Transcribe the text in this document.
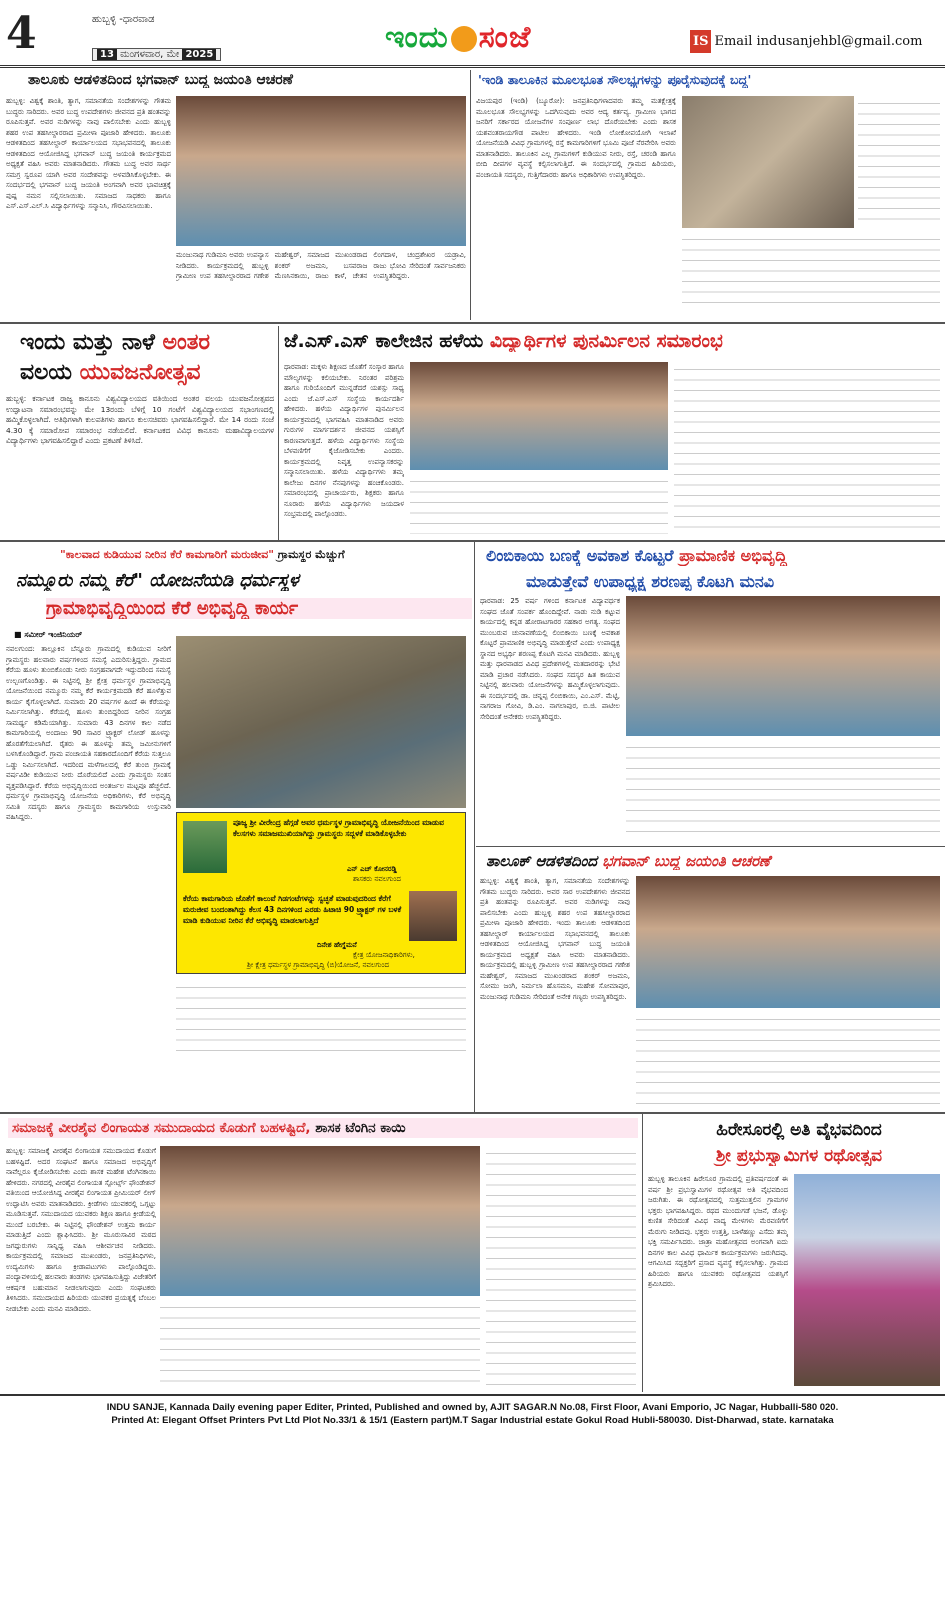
4	ಹುಬ್ಬಳ್ಳಿ -ಧಾರವಾಡ
13 ಮಂಗಳವಾರ, ಮೇ 2025	ಇಂದು ಸಂಜೆ	IS Email indusanjehbl@gmail.com
ತಾಲೂಕು ಆಡಳಿತದಿಂದ ಭಗವಾನ್ ಬುದ್ಧ ಜಯಂತಿ ಆಚರಣೆ
ಹುಬ್ಬಳ್ಳಿ: ವಿಶ್ವಕ್ಕೆ ಶಾಂತಿ, ತ್ಯಾಗ, ಸಮಾನತೆಯ ಸಂದೇಶಗಳನ್ನು ಗೌತಮ ಬುದ್ಧರು ಸಾರಿದರು. ಅವರ ಬುದ್ಧ ಉಪದೇಶಗಳು ಜೀವನದ ಪ್ರತಿ ಹಂತವನ್ನು ರೂಪಿಸುತ್ತವೆ. ಅವರ ನುಡಿಗಳನ್ನು ನಾವು ಪಾಲಿಸಬೇಕು ಎಂದು ಹುಬ್ಬಳ್ಳಿ ಶಹರ ಉಪ ತಹಸೀಲ್ದಾರರಾದ ಪ್ರಮೀಳಾ ಪೂಜಾರಿ ಹೇಳಿದರು. ತಾಲೂಕು ಆಡಳಿತದಿಂದ ತಹಸೀಲ್ದಾರ್ ಕಾರ್ಯಾಲಯದ ಸಭಾಭವನದಲ್ಲಿ ತಾಲೂಕು ಆಡಳಿತದಿಂದ ಆಯೋಜಿಸಿದ್ದ ಭಗವಾನ್ ಬುದ್ಧ ಜಯಂತಿ ಕಾರ್ಯಕ್ರಮದ ಅಧ್ಯಕ್ಷತೆ ವಹಿಸಿ ಅವರು ಮಾತನಾಡಿದರು. ಗೌತಮ ಬುದ್ಧ ಅವರ ಸಾರ್ಥ ಸಮಗ್ರ ಸ್ವರೂಪ ಯಾಗಿ ಅವರ ಸಂದೇಶವನ್ನು ಅಳವಡಿಸಿಕೊಳ್ಳಬೇಕು. ಈ ಸಂದರ್ಭದಲ್ಲಿ ಭಗವಾನ್ ಬುದ್ಧ ಜಯಂತಿ ಅಂಗವಾಗಿ ಅವರ ಭಾವಚಿತ್ರಕ್ಕೆ ಪುಷ್ಪ ನಮನ ಸಲ್ಲಿಸಲಾಯಿತು. ಸಮಾಜದ ಸಾಧಕರು ಹಾಗೂ ಎಸ್.ಎಸ್.ಎಲ್.ಸಿ ವಿದ್ಯಾರ್ಥಿಗಳನ್ನು ಸನ್ಮಾನಿಸಿ, ಗೌರವಿಸಲಾಯಿತು.
ಮಂಜುನಾಥ ಗುಡಿಮನಿ ಅವರು ಉಪನ್ಯಾಸ ನೀಡಿದರು. ಕಾರ್ಯಕ್ರಮದಲ್ಲಿ ಹುಬ್ಬಳ್ಳಿ ಗ್ರಾಮೀಣ ಉಪ ತಹಸೀಲ್ದಾರರಾದ ಗಣೇಶ ಮಹೇಶ್ವರ್, ಸಮಾಜದ ಮುಖಂಡರಾದ ಶಂಕರ್ ಅಜಮನಿ, ಬಸವರಾಜ ಮೆಣಸಿನಕಾಯಿ, ರಾಜು ಕಾಳೆ, ಚೇತನ ಲಿಂಗದಾಳ, ಚಂದ್ರಶೇಖರ ಯಡ್ರಾವಿ, ರಾಜು ಭೋವಿ ಸೇರಿದಂತೆ ಸಾರ್ವಜನಿಕರು ಉಪಸ್ಥಿತರಿದ್ದರು.
'ಇಂಡಿ ತಾಲೂಕಿನ ಮೂಲಭೂತ ಸೌಲಭ್ಯಗಳನ್ನು ಪೂರೈಸುವುದಕ್ಕೆ ಬದ್ಧ'
ವಿಜಯಪುರ (ಇಂಡಿ) (ಬ್ಯೂರೋ): ಜನಪ್ರತಿನಿಧಿಗಳಾದವರು ತಮ್ಮ ಮತಕ್ಷೇತ್ರಕ್ಕೆ ಮೂಲಭೂತ ಸೌಲಭ್ಯಗಳನ್ನು ಒದಗಿಸುವುದು ಅವರ ಆದ್ಯ ಕರ್ತವ್ಯ. ಗ್ರಾಮೀಣ ಭಾಗದ ಜನರಿಗೆ ಸರ್ಕಾರದ ಯೋಜನೆಗಳ ಸಂಪೂರ್ಣ ಲಾಭ ದೊರೆಯಬೇಕು ಎಂದು ಶಾಸಕ ಯಶವಂತರಾಯಗೌಡ ಪಾಟೀಲ ಹೇಳಿದರು. ಇಂಡಿ ಲೋಕೋಪಯೋಗಿ ಇಲಾಖೆ ಯೋಜನೆಯಡಿ ವಿವಿಧ ಗ್ರಾಮಗಳಲ್ಲಿ ರಸ್ತೆ ಕಾಮಗಾರಿಗಳಿಗೆ ಭೂಮಿ ಪೂಜೆ ನೆರವೇರಿಸಿ ಅವರು ಮಾತನಾಡಿದರು. ತಾಲೂಕಿನ ಎಲ್ಲ ಗ್ರಾಮಗಳಿಗೆ ಕುಡಿಯುವ ನೀರು, ರಸ್ತೆ, ಚರಂಡಿ ಹಾಗೂ ಬೀದಿ ದೀಪಗಳ ವ್ಯವಸ್ಥೆ ಕಲ್ಪಿಸಲಾಗುತ್ತಿದೆ. ಈ ಸಂದರ್ಭದಲ್ಲಿ ಗ್ರಾಮದ ಹಿರಿಯರು, ಪಂಚಾಯತಿ ಸದಸ್ಯರು, ಗುತ್ತಿಗೆದಾರರು ಹಾಗೂ ಅಧಿಕಾರಿಗಳು ಉಪಸ್ಥಿತರಿದ್ದರು.
ಇಂದು ಮತ್ತು ನಾಳೆ ಅಂತರ
ವಲಯ ಯುವಜನೋತ್ಸವ
ಹುಬ್ಬಳ್ಳಿ: ಕರ್ನಾಟಕ ರಾಜ್ಯ ಕಾನೂನು ವಿಶ್ವವಿದ್ಯಾಲಯದ ವತಿಯಿಂದ ಅಂತರ ವಲಯ ಯುವಜನೋತ್ಸವದ ಉದ್ಘಾಟನಾ ಸಮಾರಂಭವನ್ನು ಮೇ 13ರಂದು ಬೆಳಿಗ್ಗೆ 10 ಗಂಟೆಗೆ ವಿಶ್ವವಿದ್ಯಾಲಯದ ಸಭಾಂಗಣದಲ್ಲಿ ಹಮ್ಮಿಕೊಳ್ಳಲಾಗಿದೆ. ಅತಿಥಿಗಳಾಗಿ ಕುಲಪತಿಗಳು ಹಾಗೂ ಕುಲಸಚಿವರು ಭಾಗವಹಿಸಲಿದ್ದಾರೆ. ಮೇ 14 ರಂದು ಸಂಜೆ 4.30 ಕ್ಕೆ ಸಮಾರೋಪ ಸಮಾರಂಭ ನಡೆಯಲಿದೆ. ಕರ್ನಾಟಕದ ವಿವಿಧ ಕಾನೂನು ಮಹಾವಿದ್ಯಾಲಯಗಳ ವಿದ್ಯಾರ್ಥಿಗಳು ಭಾಗವಹಿಸಲಿದ್ದಾರೆ ಎಂದು ಪ್ರಕಟಣೆ ತಿಳಿಸಿದೆ.
ಜೆ.ಎಸ್.ಎಸ್ ಕಾಲೇಜಿನ ಹಳೆಯ ವಿದ್ಯಾರ್ಥಿಗಳ ಪುನರ್ಮಿಲನ ಸಮಾರಂಭ
ಧಾರವಾಡ: ಮಕ್ಕಳು ಶಿಕ್ಷಣದ ಜೊತೆಗೆ ಸಂಸ್ಕಾರ ಹಾಗೂ ಮೌಲ್ಯಗಳನ್ನು ಕಲಿಯಬೇಕು. ನಿರಂತರ ಪರಿಶ್ರಮ ಹಾಗೂ ಗುರಿಯೊಂದಿಗೆ ಮುನ್ನಡೆದರೆ ಯಶಸ್ಸು ಸಾಧ್ಯ ಎಂದು ಜೆ.ಎಸ್.ಎಸ್ ಸಂಸ್ಥೆಯ ಕಾರ್ಯದರ್ಶಿ ಹೇಳಿದರು. ಹಳೆಯ ವಿದ್ಯಾರ್ಥಿಗಳ ಪುನರ್ಮಿಲನ ಕಾರ್ಯಕ್ರಮದಲ್ಲಿ ಭಾಗವಹಿಸಿ ಮಾತನಾಡಿದ ಅವರು ಗುರುಗಳ ಮಾರ್ಗದರ್ಶನ ಜೀವನದ ಯಶಸ್ಸಿಗೆ ಕಾರಣವಾಗುತ್ತದೆ. ಹಳೆಯ ವಿದ್ಯಾರ್ಥಿಗಳು ಸಂಸ್ಥೆಯ ಬೆಳವಣಿಗೆಗೆ ಕೈಜೋಡಿಸಬೇಕು ಎಂದರು. ಕಾರ್ಯಕ್ರಮದಲ್ಲಿ ನಿವೃತ್ತ ಉಪನ್ಯಾಸಕರನ್ನು ಸನ್ಮಾನಿಸಲಾಯಿತು. ಹಳೆಯ ವಿದ್ಯಾರ್ಥಿಗಳು ತಮ್ಮ ಕಾಲೇಜು ದಿನಗಳ ನೆನಪುಗಳನ್ನು ಹಂಚಿಕೊಂಡರು. ಸಮಾರಂಭದಲ್ಲಿ ಪ್ರಾಚಾರ್ಯರು, ಶಿಕ್ಷಕರು ಹಾಗೂ ನೂರಾರು ಹಳೆಯ ವಿದ್ಯಾರ್ಥಿಗಳು ಜಯದಾಳ ಸಂಭ್ರಮದಲ್ಲಿ ಪಾಲ್ಗೊಂಡರು.
"ಕಾಲವಾದ ಕುಡಿಯುವ ನೀರಿನ ಕೆರೆ ಕಾಮಗಾರಿಗೆ ಮರುಜೀವ" ಗ್ರಾಮಸ್ಥರ ಮೆಚ್ಚುಗೆ
ನಮ್ಮೂರು ನಮ್ಮ ಕೆರೆ" ಯೋಜನೆಯಡಿ ಧರ್ಮಸ್ಥಳ
ಗ್ರಾಮಾಭಿವೃದ್ಧಿಯಿಂದ ಕೆರೆ ಅಭಿವೃದ್ಧಿ ಕಾರ್ಯ
■ ಸಮೀರ್ ಇಂಜಿನಿಯರ್
ನವಲಗುಂದ: ತಾಲ್ಲೂಕಿನ ಬೆನ್ನೂರು ಗ್ರಾಮದಲ್ಲಿ ಕುಡಿಯುವ ನೀರಿಗೆ ಗ್ರಾಮಸ್ಥರು ಹಲವಾರು ವರ್ಷಗಳಿಂದ ಸಮಸ್ಯೆ ಎದುರಿಸುತ್ತಿದ್ದರು. ಗ್ರಾಮದ ಕೆರೆಯ ಹೂಳು ತುಂಬಿಕೊಂಡು ನೀರು ಸಂಗ್ರಹವಾಗದೇ ಇದ್ದುದರಿಂದ ಸಮಸ್ಯೆ ಉಲ್ಬಣಗೊಂಡಿತ್ತು. ಈ ನಿಟ್ಟಿನಲ್ಲಿ ಶ್ರೀ ಕ್ಷೇತ್ರ ಧರ್ಮಸ್ಥಳ ಗ್ರಾಮಾಭಿವೃದ್ಧಿ ಯೋಜನೆಯಿಂದ ನಮ್ಮೂರು ನಮ್ಮ ಕೆರೆ ಕಾರ್ಯಕ್ರಮದಡಿ ಕೆರೆ ಹೂಳೆತ್ತುವ ಕಾರ್ಯ ಕೈಗೊಳ್ಳಲಾಗಿದೆ. ಸುಮಾರು 20 ವರ್ಷಗಳ ಹಿಂದೆ ಈ ಕೆರೆಯನ್ನು ನಿರ್ಮಿಸಲಾಗಿತ್ತು. ಕೆರೆಯಲ್ಲಿ ಹೂಳು ತುಂಬಿದ್ದರಿಂದ ನೀರಿನ ಸಂಗ್ರಹ ಸಾಮರ್ಥ್ಯ ಕಡಿಮೆಯಾಗಿತ್ತು. ಸುಮಾರು 43 ದಿನಗಳ ಕಾಲ ನಡೆದ ಕಾಮಗಾರಿಯಲ್ಲಿ ಅಂದಾಜು 90 ಸಾವಿರ ಟ್ರ್ಯಾಕ್ಟರ್ ಲೋಡ್ ಹೂಳನ್ನು ಹೊರತೆಗೆಯಲಾಗಿದೆ. ರೈತರು ಈ ಹೂಳನ್ನು ತಮ್ಮ ಜಮೀನುಗಳಿಗೆ ಬಳಸಿಕೊಂಡಿದ್ದಾರೆ. ಗ್ರಾಮ ಪಂಚಾಯತಿ ಸಹಕಾರದೊಂದಿಗೆ ಕೆರೆಯ ಸುತ್ತಲೂ ಒಡ್ಡು ನಿರ್ಮಿಸಲಾಗಿದೆ. ಇದರಿಂದ ಮಳೆಗಾಲದಲ್ಲಿ ಕೆರೆ ತುಂಬಿ ಗ್ರಾಮಕ್ಕೆ ವರ್ಷವಿಡೀ ಕುಡಿಯುವ ನೀರು ದೊರೆಯಲಿದೆ ಎಂದು ಗ್ರಾಮಸ್ಥರು ಸಂತಸ ವ್ಯಕ್ತಪಡಿಸಿದ್ದಾರೆ. ಕೆರೆಯ ಅಭಿವೃದ್ಧಿಯಿಂದ ಅಂತರ್ಜಲ ಮಟ್ಟವೂ ಹೆಚ್ಚಲಿದೆ. ಧರ್ಮಸ್ಥಳ ಗ್ರಾಮಾಭಿವೃದ್ಧಿ ಯೋಜನೆಯ ಅಧಿಕಾರಿಗಳು, ಕೆರೆ ಅಭಿವೃದ್ಧಿ ಸಮಿತಿ ಸದಸ್ಯರು ಹಾಗೂ ಗ್ರಾಮಸ್ಥರು ಕಾಮಗಾರಿಯ ಉಸ್ತುವಾರಿ ವಹಿಸಿದ್ದರು.
ಪೂಜ್ಯ ಶ್ರೀ ವೀರೇಂದ್ರ ಹೆಗ್ಗಡೆ ಅವರ ಧರ್ಮಸ್ಥಳ ಗ್ರಾಮಾಭಿವೃದ್ಧಿ ಯೋಜನೆಯಿಂದ ಮಾಡುವ ಕೆಲಸಗಳು ಸಮಾಜಮುಖಿಯಾಗಿದ್ದು ಗ್ರಾಮಸ್ಥರು ಸದ್ಬಳಕೆ ಮಾಡಿಕೊಳ್ಳಬೇಕು
ಎನ್ ಎಚ್ ಕೋನರಡ್ಡಿ
ಶಾಸಕರು ನವಲಗುಂದ
ಕೆರೆಯ ಕಾಮಗಾರಿಯ ಜೊತೆಗೆ ಕಾಲುವೆ ಗಿಡಗಂಟೆಗಳನ್ನು ಸ್ವಚ್ಛತೆ ಮಾಡುವುದರಿಂದ ಕೆರೆಗೆ ಮರುಜೀವ ಬಂದಂತಾಗಿದ್ದು ಕೆಲಸ 43 ದಿನಗಳಿಂದ ಎರಡು ಹಿಟಾಚಿ 90 ಟ್ರ್ಯಾಕ್ಟರ್ ಗಳ ಬಳಕೆ ಮಾಡಿ ಕುಡಿಯುವ ನೀರಿನ ಕೆರೆ ಅಭಿವೃದ್ಧಿ ಮಾಡಲಾಗುತ್ತಿದೆ
ದಿನೇಶ ಹೇಗ್ಡೆಮನೆ
ಕ್ಷೇತ್ರ ಯೋಜನಾಧಿಕಾರಿಗಳು,
ಶ್ರೀ ಕ್ಷೇತ್ರ ಧರ್ಮಸ್ಥಳ ಗ್ರಾಮಾಭಿವೃದ್ಧಿ (ಬಿ)ಯೋಜನೆ, ನವಲಗುಂದ
ಲಿಂಬಿಕಾಯಿ ಬಣಕ್ಕೆ ಅವಕಾಶ ಕೊಟ್ಟರೆ ಪ್ರಾಮಾಣಿಕ ಅಭಿವೃದ್ಧಿ
ಮಾಡುತ್ತೇವೆ ಉಪಾಧ್ಯಕ್ಷ ಶರಣಪ್ಪ ಕೊಟಗಿ ಮನವಿ
ಧಾರವಾಡ: 25 ವರ್ಷ ಗಳಿಂದ ಕರ್ನಾಟಕ ವಿದ್ಯಾವರ್ಧಕ ಸಂಘದ ಜೊತೆ ಸಂಪರ್ಕ ಹೊಂದಿದ್ದೇವೆ. ನಾಡು ನುಡಿ ಕಟ್ಟುವ ಕಾರ್ಯದಲ್ಲಿ ಕನ್ನಡ ಹೋರಾಟಗಾರರ ಸಹಕಾರ ಅಗತ್ಯ. ಸಂಘದ ಮುಂಬರುವ ಚುನಾವಣೆಯಲ್ಲಿ ಲಿಂಬಿಕಾಯಿ ಬಣಕ್ಕೆ ಅವಕಾಶ ಕೊಟ್ಟರೆ ಪ್ರಾಮಾಣಿಕ ಅಭಿವೃದ್ಧಿ ಮಾಡುತ್ತೇವೆ ಎಂದು ಉಪಾಧ್ಯಕ್ಷ ಸ್ಥಾನದ ಅಭ್ಯರ್ಥಿ ಶರಣಪ್ಪ ಕೊಟಗಿ ಮನವಿ ಮಾಡಿದರು. ಹುಬ್ಬಳ್ಳಿ ಮತ್ತು ಧಾರವಾಡದ ವಿವಿಧ ಪ್ರದೇಶಗಳಲ್ಲಿ ಮತದಾರರನ್ನು ಭೇಟಿ ಮಾಡಿ ಪ್ರಚಾರ ನಡೆಸಿದರು. ಸಂಘದ ಸದಸ್ಯರ ಹಿತ ಕಾಯುವ ನಿಟ್ಟಿನಲ್ಲಿ ಹಲವಾರು ಯೋಜನೆಗಳನ್ನು ಹಮ್ಮಿಕೊಳ್ಳಲಾಗುವುದು. ಈ ಸಂದರ್ಭದಲ್ಲಿ ಡಾ. ಚನ್ನಪ್ಪ ಲಿಂಬಿಕಾಯಿ, ಎಂ.ಎಸ್. ಮೆಟ್ಟಿ, ನಾಗರಾಜ ಗೋವಿ, ಡಿ.ಎಂ. ನಾಗಲಾಪುರ, ಬಿ.ಜಿ. ಪಾಟೀಲ ಸೇರಿದಂತೆ ಅನೇಕರು ಉಪಸ್ಥಿತರಿದ್ದರು.
ತಾಲೂಕ್ ಆಡಳಿತದಿಂದ ಭಗವಾನ್ ಬುದ್ಧ ಜಯಂತಿ ಆಚರಣೆ
ಹುಬ್ಬಳ್ಳಿ: ವಿಶ್ವಕ್ಕೆ ಶಾಂತಿ, ತ್ಯಾಗ, ಸಮಾನತೆಯ ಸಂದೇಶಗಳನ್ನು ಗೌತಮ ಬುದ್ಧರು ಸಾರಿದರು. ಅವರ ಸಾರ ಉಪದೇಶಗಳು ಜೀವನದ ಪ್ರತಿ ಹಂತವನ್ನು ರೂಪಿಸುತ್ತವೆ. ಅವರ ನುಡಿಗಳನ್ನು ನಾವು ಪಾಲಿಸಬೇಕು ಎಂದು ಹುಬ್ಬಳ್ಳಿ ಶಹರ ಉಪ ತಹಸೀಲ್ದಾರರಾದ ಪ್ರಮೀಳಾ ಪೂಜಾರಿ ಹೇಳಿದರು. ಇಂದು ತಾಲೂಕು ಆಡಳಿತದಿಂದ ತಹಸೀಲ್ದಾರ್ ಕಾರ್ಯಾಲಯದ ಸಭಾಭವನದಲ್ಲಿ ತಾಲೂಕು ಆಡಳಿತದಿಂದ ಆಯೋಜಿಸಿದ್ದ ಭಗವಾನ್ ಬುದ್ಧ ಜಯಂತಿ ಕಾರ್ಯಕ್ರಮದ ಅಧ್ಯಕ್ಷತೆ ವಹಿಸಿ ಅವರು ಮಾತನಾಡಿದರು. ಕಾರ್ಯಕ್ರಮದಲ್ಲಿ ಹುಬ್ಬಳ್ಳಿ ಗ್ರಾಮೀಣ ಉಪ ತಹಸೀಲ್ದಾರರಾದ ಗಣೇಶ ಮಹೇಶ್ವರ್, ಸಮಾಜದ ಮುಖಂಡರಾದ ಶಂಕರ್ ಅಜಮನಿ, ಸೋಮು ಜಂಗಿ, ನಿರ್ಮಲಾ ಹೊಸಮನಿ, ಮಹೇಶ ಸೋಮಾಪುರ, ಮಂಜುನಾಥ ಗುಡಿಮನಿ ಸೇರಿದಂತೆ ಅನೇಕ ಗಣ್ಯರು ಉಪಸ್ಥಿತರಿದ್ದರು.
ಸಮಾಜಕ್ಕೆ ವೀರಶೈವ ಲಿಂಗಾಯತ ಸಮುದಾಯದ ಕೊಡುಗೆ ಬಹಳಷ್ಟಿದೆ, ಶಾಸಕ ಟೆಂಗಿನ ಕಾಯಿ
ಹುಬ್ಬಳ್ಳಿ: ಸಮಾಜಕ್ಕೆ ವೀರಶೈವ ಲಿಂಗಾಯತ ಸಮುದಾಯದ ಕೊಡುಗೆ ಬಹಳಷ್ಟಿದೆ. ಅದರ ಸಂಘಟನೆ ಹಾಗೂ ಸಮಾಜದ ಅಭಿವೃದ್ಧಿಗೆ ನಾವೆಲ್ಲರೂ ಕೈಜೋಡಿಸಬೇಕು ಎಂದು ಶಾಸಕ ಮಹೇಶ ಟೆಂಗಿನಕಾಯಿ ಹೇಳಿದರು. ನಗರದಲ್ಲಿ ವೀರಶೈವ ಲಿಂಗಾಯತ ಸ್ಪೋರ್ಟ್ಸ್ ಫೌಂಡೇಶನ್ ವತಿಯಿಂದ ಆಯೋಜಿಸಿದ್ದ ವೀರಶೈವ ಲಿಂಗಾಯತ ಪ್ರೀಮಿಯರ್ ಲೀಗ್ ಉದ್ಘಾಟಿಸಿ ಅವರು ಮಾತನಾಡಿದರು. ಕ್ರೀಡೆಗಳು ಯುವಕರಲ್ಲಿ ಒಗ್ಗಟ್ಟು ಮೂಡಿಸುತ್ತವೆ. ಸಮುದಾಯದ ಯುವಕರು ಶಿಕ್ಷಣ ಹಾಗೂ ಕ್ರೀಡೆಯಲ್ಲಿ ಮುಂದೆ ಬರಬೇಕು. ಈ ನಿಟ್ಟಿನಲ್ಲಿ ಫೌಂಡೇಶನ್ ಉತ್ತಮ ಕಾರ್ಯ ಮಾಡುತ್ತಿದೆ ಎಂದು ಶ್ಲಾಘಿಸಿದರು. ಶ್ರೀ ಮೂರುಸಾವಿರ ಮಠದ ಜಗದ್ಗುರುಗಳು ಸಾನ್ನಿಧ್ಯ ವಹಿಸಿ ಆಶೀರ್ವಚನ ನೀಡಿದರು. ಕಾರ್ಯಕ್ರಮದಲ್ಲಿ ಸಮಾಜದ ಮುಖಂಡರು, ಜನಪ್ರತಿನಿಧಿಗಳು, ಉದ್ಯಮಿಗಳು ಹಾಗೂ ಕ್ರೀಡಾಪಟುಗಳು ಪಾಲ್ಗೊಂಡಿದ್ದರು. ಪಂದ್ಯಾವಳಿಯಲ್ಲಿ ಹಲವಾರು ತಂಡಗಳು ಭಾಗವಹಿಸುತ್ತಿದ್ದು ವಿಜೇತರಿಗೆ ಆಕರ್ಷಕ ಬಹುಮಾನ ನೀಡಲಾಗುವುದು ಎಂದು ಸಂಘಟಕರು ತಿಳಿಸಿದರು. ಸಮುದಾಯದ ಹಿರಿಯರು ಯುವಕರ ಪ್ರಯತ್ನಕ್ಕೆ ಬೆಂಬಲ ನೀಡಬೇಕು ಎಂದು ಮನವಿ ಮಾಡಿದರು.
ಹಿರೇಸೂರಲ್ಲಿ ಅತಿ ವೈಭವದಿಂದ
ಶ್ರೀ ಪ್ರಭುಸ್ವಾಮಿಗಳ ರಥೋತ್ಸವ
ಹುಬ್ಬಳ್ಳಿ ತಾಲೂಕಿನ ಹಿರೇಸೂರ ಗ್ರಾಮದಲ್ಲಿ ಪ್ರತಿವರ್ಷದಂತೆ ಈ ವರ್ಷ ಶ್ರೀ ಪ್ರಭುಸ್ವಾಮಿಗಳ ರಥೋತ್ಸವ ಅತಿ ವೈಭವದಿಂದ ಜರುಗಿತು. ಈ ರಥೋತ್ಸವದಲ್ಲಿ ಸುತ್ತಮುತ್ತಲಿನ ಗ್ರಾಮಗಳ ಭಕ್ತರು ಭಾಗವಹಿಸಿದ್ದರು. ರಥದ ಮುಂದುಗಡೆ ಭಜನೆ, ಡೊಳ್ಳು ಕುಣಿತ ಸೇರಿದಂತೆ ವಿವಿಧ ವಾದ್ಯ ಮೇಳಗಳು ಮೆರವಣಿಗೆಗೆ ಮೆರುಗು ನೀಡಿದವು. ಭಕ್ತರು ಉತ್ತತ್ತಿ, ಬಾಳೆಹಣ್ಣು ಎಸೆದು ತಮ್ಮ ಭಕ್ತಿ ಸಮರ್ಪಿಸಿದರು. ಜಾತ್ರಾ ಮಹೋತ್ಸವದ ಅಂಗವಾಗಿ ಐದು ದಿನಗಳ ಕಾಲ ವಿವಿಧ ಧಾರ್ಮಿಕ ಕಾರ್ಯಕ್ರಮಗಳು ಜರುಗಿದವು. ಆಗಮಿಸಿದ ಸದ್ಭಕ್ತರಿಗೆ ಪ್ರಸಾದ ವ್ಯವಸ್ಥೆ ಕಲ್ಪಿಸಲಾಗಿತ್ತು. ಗ್ರಾಮದ ಹಿರಿಯರು ಹಾಗೂ ಯುವಕರು ರಥೋತ್ಸವದ ಯಶಸ್ಸಿಗೆ ಶ್ರಮಿಸಿದರು.
INDU SANJE, Kannada Daily evening paper Editer, Printed, Published and owned by, AJIT SAGAR.N No.08, First Floor, Avani Emporio, JC Nagar, Hubballi-580 020.
Printed At: Elegant Offset Printers Pvt Ltd Plot No.33/1 & 15/1 (Eastern part)M.T Sagar Industrial estate Gokul Road Hubli-580030. Dist-Dharwad, state. karnataka
